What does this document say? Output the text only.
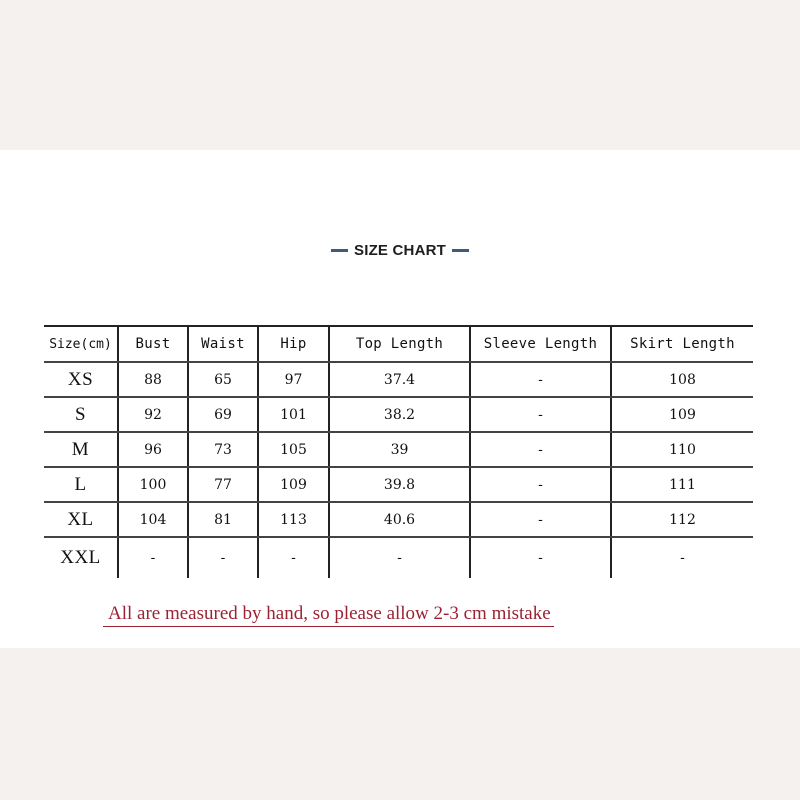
SIZE CHART
Size(cm)	Bust	Waist	Hip	Top Length	Sleeve Length	Skirt Length
XS	88	65	97	37.4	-	108
S	92	69	101	38.2	-	109
M	96	73	105	39	-	110
L	100	77	109	39.8	-	111
XL	104	81	113	40.6	-	112
XXL	-	-	-	-	-	-
All are measured by hand, so please allow 2-3 cm mistake
